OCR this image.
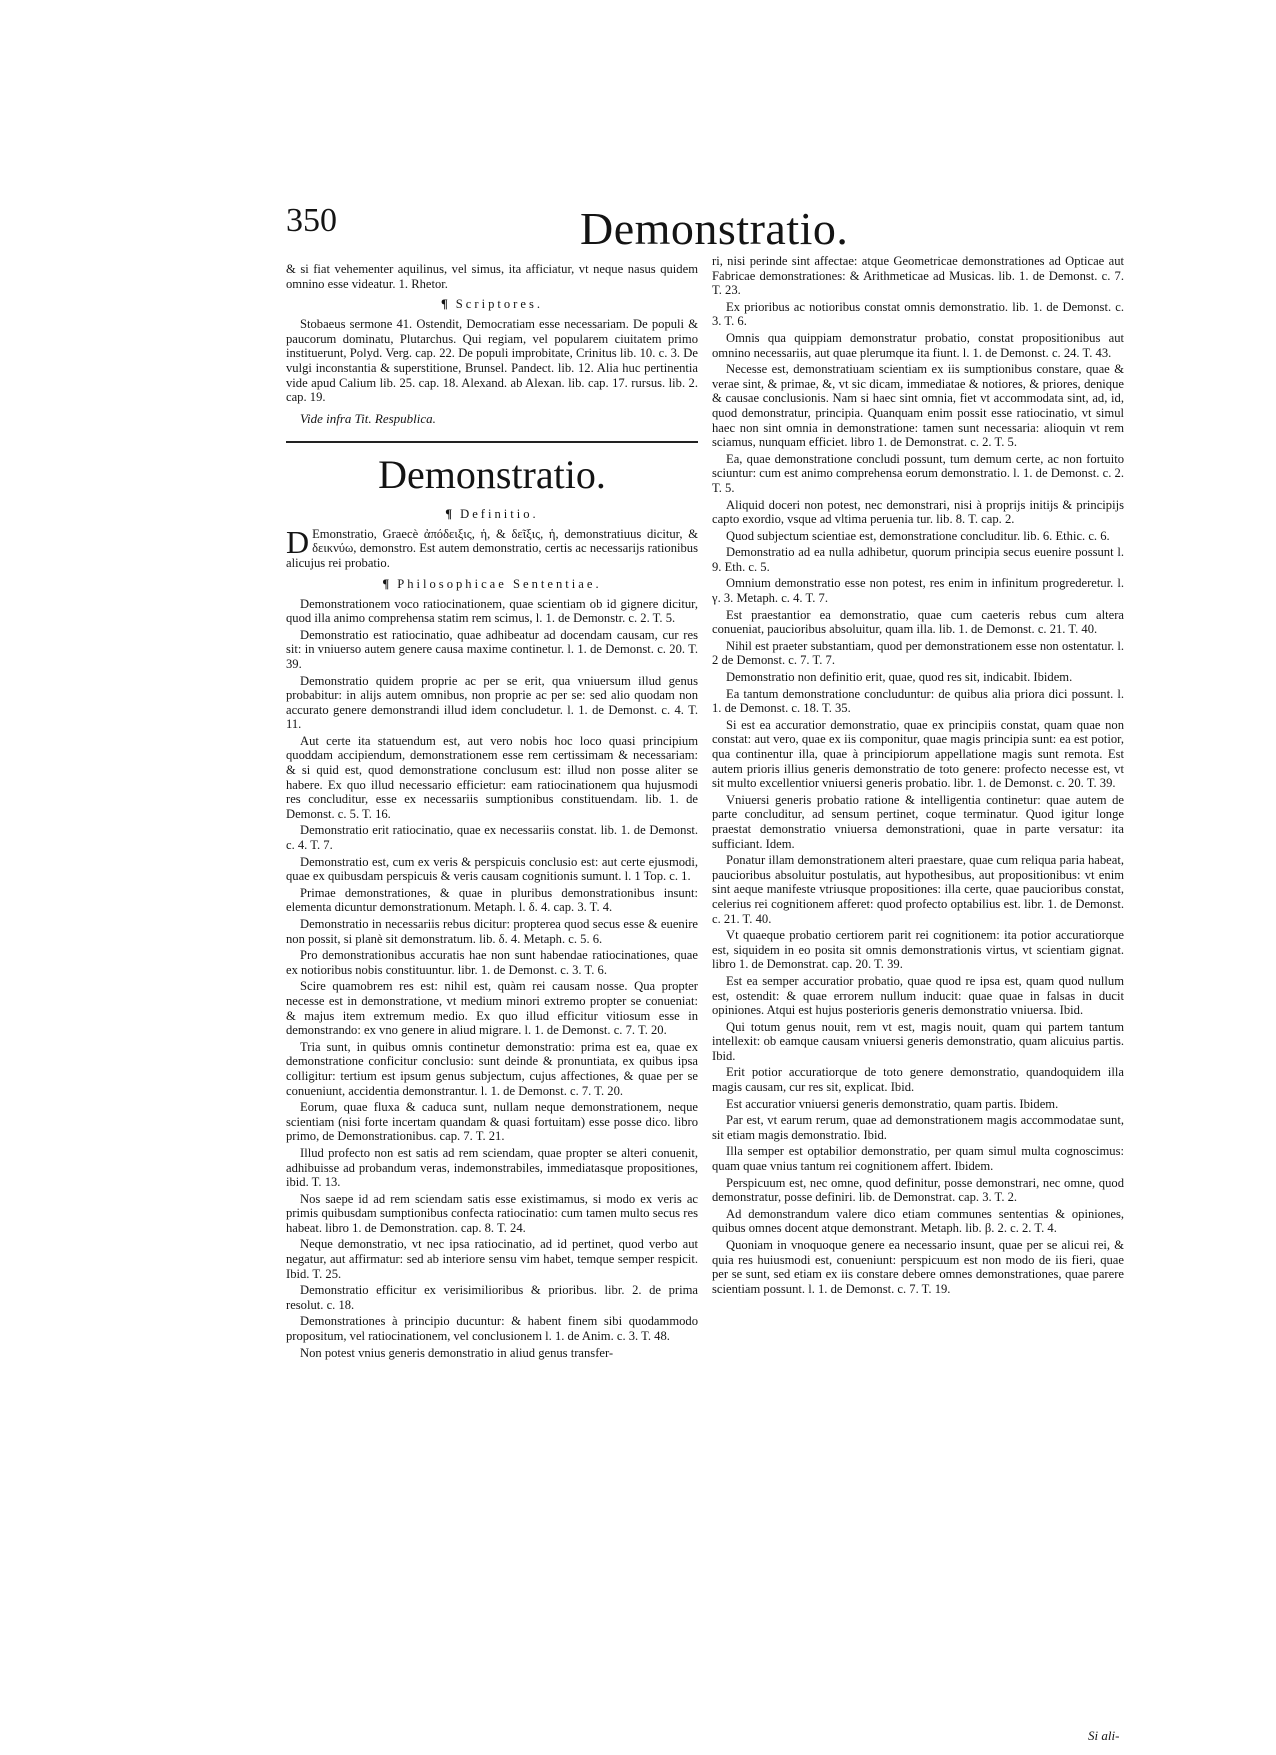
350	Demonstratio.

& si fiat vehementer aquilinus, vel simus, ita afficiatur, vt neque nasus quidem omnino esse videatur. 1. Rhetor.

¶ Scriptores.

Stobaeus sermone 41. Ostendit, Democratiam esse necessariam. De populi & paucorum dominatu, Plutarchus. Qui regiam, vel popularem ciuitatem primo instituerunt, Polyd. Verg. cap. 22. De populi improbitate, Crinitus lib. 10. c. 3. De vulgi inconstantia & superstitione, Brunsel. Pandect. lib. 12. Alia huc pertinentia vide apud Calium lib. 25. cap. 18. Alexand. ab Alexan. lib. cap. 17. rursus. lib. 2. cap. 19.

Vide infra Tit. Respublica.
Demonstratio.
¶ Definitio.

D Emonstratio, Graecè ἀπόδειξις, ἡ, & δεῖξις, ἡ, demonstratiuus dicitur, & δεικνύω, demonstro. Est autem demonstratio, certis ac necessarijs rationibus alicujus rei probatio.

¶ Philosophicae Sententiae.

Demonstrationem voco ratiocinationem, quae scientiam ob id gignere dicitur, quod illa animo comprehensa statim rem scimus, l. 1. de Demonstr. c. 2. T. 5.

Demonstratio est ratiocinatio, quae adhibeatur ad docendam causam, cur res sit: in vniuerso autem genere causa maxime continetur. l. 1. de Demonst. c. 20. T. 39.

Demonstratio quidem proprie ac per se erit, qua vniuersum illud genus probabitur: in alijs autem omnibus, non proprie ac per se: sed alio quodam non accurato genere demonstrandi illud idem concludetur. l. 1. de Demonst. c. 4. T. 11.

Aut certe ita statuendum est, aut vero nobis hoc loco quasi principium quoddam accipiendum, demonstrationem esse rem certissimam & necessariam: & si quid est, quod demonstratione conclusum est: illud non posse aliter se habere. Ex quo illud necessario efficietur: eam ratiocinationem qua hujusmodi res concluditur, esse ex necessariis sumptionibus constituendam. lib. 1. de Demonst. c. 5. T. 16.

Demonstratio erit ratiocinatio, quae ex necessariis constat. lib. 1. de Demonst. c. 4. T. 7.

Demonstratio est, cum ex veris & perspicuis conclusio est: aut certe ejusmodi, quae ex quibusdam perspicuis & veris causam cognitionis sumunt. l. 1 Top. c. 1.

Primae demonstrationes, & quae in pluribus demonstrationibus insunt: elementa dicuntur demonstrationum. Metaph. l. δ. 4. cap. 3. T. 4.

Demonstratio in necessariis rebus dicitur: propterea quod secus esse & euenire non possit, si planè sit demonstratum. lib. δ. 4. Metaph. c. 5. 6.

Pro demonstrationibus accuratis hae non sunt habendae ratiocinationes, quae ex notioribus nobis constituuntur. libr. 1. de Demonst. c. 3. T. 6.

Scire quamobrem res est: nihil est, quàm rei causam nosse. Qua propter necesse est in demonstratione, vt medium minori extremo propter se conueniat: & majus item extremum medio. Ex quo illud efficitur vitiosum esse in demonstrando: ex vno genere in aliud migrare. l. 1. de Demonst. c. 7. T. 20.

Tria sunt, in quibus omnis continetur demonstratio: prima est ea, quae ex demonstratione conficitur conclusio: sunt deinde & pronuntiata, ex quibus ipsa colligitur: tertium est ipsum genus subjectum, cujus affectiones, & quae per se conueniunt, accidentia demonstrantur. l. 1. de Demonst. c. 7. T. 20.

Eorum, quae fluxa & caduca sunt, nullam neque demonstrationem, neque scientiam (nisi forte incertam quandam & quasi fortuitam) esse posse dico. libro primo, de Demonstrationibus. cap. 7. T. 21.

Illud profecto non est satis ad rem sciendam, quae propter se alteri conuenit, adhibuisse ad probandum veras, indemonstrabiles, immediatasque propositiones, ibid. T. 13.

Nos saepe id ad rem sciendam satis esse existimamus, si modo ex veris ac primis quibusdam sumptionibus confecta ratiocinatio: cum tamen multo secus res habeat. libro 1. de Demonstration. cap. 8. T. 24.

Neque demonstratio, vt nec ipsa ratiocinatio, ad id pertinet, quod verbo aut negatur, aut affirmatur: sed ab interiore sensu vim habet, temque semper respicit. Ibid. T. 25.

Demonstratio efficitur ex verisimilioribus & prioribus. libr. 2. de prima resolut. c. 18.

Demonstrationes à principio ducuntur: & habent finem sibi quodammodo propositum, vel ratiocinationem, vel conclusionem l. 1. de Anim. c. 3. T. 48.

Non potest vnius generis demonstratio in aliud genus transfer-

ri, nisi perinde sint affectae: atque Geometricae demonstrationes ad Opticae aut Fabricae demonstrationes: & Arithmeticae ad Musicas. lib. 1. de Demonst. c. 7. T. 23.

Ex prioribus ac notioribus constat omnis demonstratio. lib. 1. de Demonst. c. 3. T. 6.

Omnis qua quippiam demonstratur probatio, constat propositionibus aut omnino necessariis, aut quae plerumque ita fiunt. l. 1. de Demonst. c. 24. T. 43.

Necesse est, demonstratiuam scientiam ex iis sumptionibus constare, quae & verae sint, & primae, &, vt sic dicam, immediatae & notiores, & priores, denique & causae conclusionis. Nam si haec sint omnia, fiet vt accommodata sint, ad, id, quod demonstratur, principia. Quanquam enim possit esse ratiocinatio, vt simul haec non sint omnia in demonstratione: tamen sunt necessaria: alioquin vt rem sciamus, nunquam efficiet. libro 1. de Demonstrat. c. 2. T. 5.

Ea, quae demonstratione concludi possunt, tum demum certe, ac non fortuito sciuntur: cum est animo comprehensa eorum demonstratio. l. 1. de Demonst. c. 2. T. 5.

Aliquid doceri non potest, nec demonstrari, nisi à proprijs initijs & principijs capto exordio, vsque ad vltima peruenia tur. lib. 8. T. cap. 2.

Quod subjectum scientiae est, demonstratione concluditur. lib. 6. Ethic. c. 6.

Demonstratio ad ea nulla adhibetur, quorum principia secus euenire possunt l. 9. Eth. c. 5.

Omnium demonstratio esse non potest, res enim in infinitum progrederetur. l. γ. 3. Metaph. c. 4. T. 7.

Est praestantior ea demonstratio, quae cum caeteris rebus cum altera conueniat, paucioribus absoluitur, quam illa. lib. 1. de Demonst. c. 21. T. 40.

Nihil est praeter substantiam, quod per demonstrationem esse non ostentatur. l. 2 de Demonst. c. 7. T. 7.

Demonstratio non definitio erit, quae, quod res sit, indicabit. Ibidem.

Ea tantum demonstratione concluduntur: de quibus alia priora dici possunt. l. 1. de Demonst. c. 18. T. 35.

Si est ea accuratior demonstratio, quae ex principiis constat, quam quae non constat: aut vero, quae ex iis componitur, quae magis principia sunt: ea est potior, qua continentur illa, quae à principiorum appellatione magis sunt remota. Est autem prioris illius generis demonstratio de toto genere: profecto necesse est, vt sit multo excellentior vniuersi generis probatio. libr. 1. de Demonst. c. 20. T. 39.

Vniuersi generis probatio ratione & intelligentia continetur: quae autem de parte concluditur, ad sensum pertinet, coque terminatur. Quod igitur longe praestat demonstratio vniuersa demonstrationi, quae in parte versatur: ita sufficiant. Idem.

Ponatur illam demonstrationem alteri praestare, quae cum reliqua paria habeat, paucioribus absoluitur postulatis, aut hypothesibus, aut propositionibus: vt enim sint aeque manifeste vtriusque propositiones: illa certe, quae paucioribus constat, celerius rei cognitionem afferet: quod profecto optabilius est. libr. 1. de Demonst. c. 21. T. 40.

Vt quaeque probatio certiorem parit rei cognitionem: ita potior accuratiorque est, siquidem in eo posita sit omnis demonstrationis virtus, vt scientiam gignat. libro 1. de Demonstrat. cap. 20. T. 39.

Est ea semper accuratior probatio, quae quod re ipsa est, quam quod nullum est, ostendit: & quae errorem nullum inducit: quae quae in falsas in ducit opiniones. Atqui est hujus posterioris generis demonstratio vniuersa. Ibid.

Qui totum genus nouit, rem vt est, magis nouit, quam qui partem tantum intellexit: ob eamque causam vniuersi generis demonstratio, quam alicuius partis. Ibid.

Erit potior accuratiorque de toto genere demonstratio, quandoquidem illa magis causam, cur res sit, explicat. Ibid.

Est accuratior vniuersi generis demonstratio, quam partis. Ibidem.

Par est, vt earum rerum, quae ad demonstrationem magis accommodatae sunt, sit etiam magis demonstratio. Ibid.

Illa semper est optabilior demonstratio, per quam simul multa cognoscimus: quam quae vnius tantum rei cognitionem affert. Ibidem.

Perspicuum est, nec omne, quod definitur, posse demonstrari, nec omne, quod demonstratur, posse definiri. lib. de Demonstrat. cap. 3. T. 2.

Ad demonstrandum valere dico etiam communes sententias & opiniones, quibus omnes docent atque demonstrant. Metaph. lib. β. 2. c. 2. T. 4.

Quoniam in vnoquoque genere ea necessario insunt, quae per se alicui rei, & quia res huiusmodi est, conueniunt: perspicuum est non modo de iis fieri, quae per se sunt, sed etiam ex iis constare debere omnes demonstrationes, quae parere scientiam possunt. l. 1. de Demonst. c. 7. T. 19.

Si ali-
